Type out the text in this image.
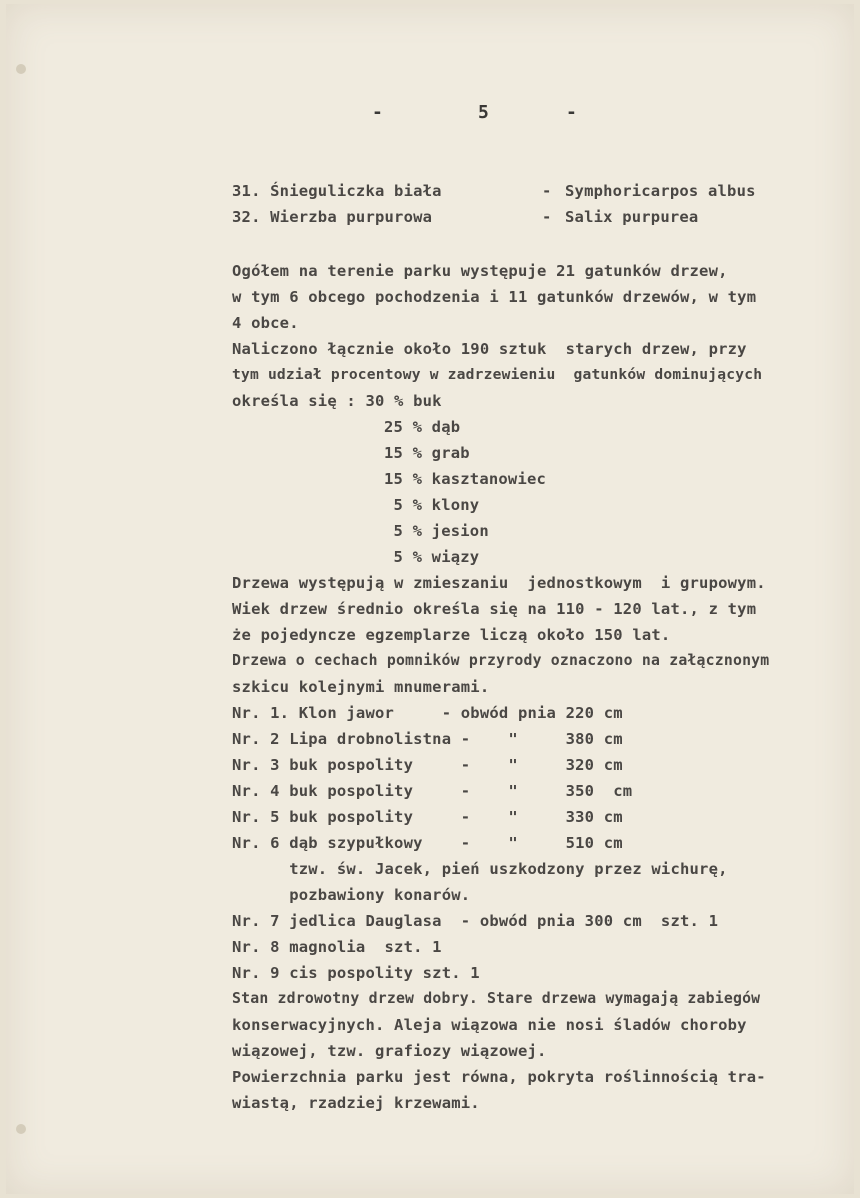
-	5	-
31. Śnieguliczka biała	- Symphoricarpos albus
32. Wierzba purpurowa	- Salix purpurea
Ogółem na terenie parku występuje 21 gatunków drzew,
w tym 6 obcego pochodzenia i 11 gatunków drzewów, w tym
4 obce.
Naliczono łącznie około 190 sztuk  starych drzew, przy
tym udział procentowy w zadrzewieniu  gatunków dominujących
określa się : 30 % buk
25 % dąb
15 % grab
15 % kasztanowiec
5 % klony
5 % jesion
5 % wiązy
Drzewa występują w zmieszaniu  jednostkowym  i grupowym.
Wiek drzew średnio określa się na 110 - 120 lat., z tym
że pojedyncze egzemplarze liczą około 150 lat.
Drzewa o cechach pomników przyrody oznaczono na załącznonym
szkicu kolejnymi mnumerami.
Nr. 1. Klon jawor     - obwód pnia 220 cm
Nr. 2 Lipa drobnolistna -    "     380 cm
Nr. 3 buk pospolity     -    "     320 cm
Nr. 4 buk pospolity     -    "     350  cm
Nr. 5 buk pospolity     -    "     330 cm
Nr. 6 dąb szypułkowy    -    "     510 cm
tzw. św. Jacek, pień uszkodzony przez wichurę,
pozbawiony konarów.
Nr. 7 jedlica Dauglasa  - obwód pnia 300 cm  szt. 1
Nr. 8 magnolia  szt. 1
Nr. 9 cis pospolity szt. 1
Stan zdrowotny drzew dobry. Stare drzewa wymagają zabiegów
konserwacyjnych. Aleja wiązowa nie nosi śladów choroby
wiązowej, tzw. grafiozy wiązowej.
Powierzchnia parku jest równa, pokryta roślinnością tra-
wiastą, rzadziej krzewami.
